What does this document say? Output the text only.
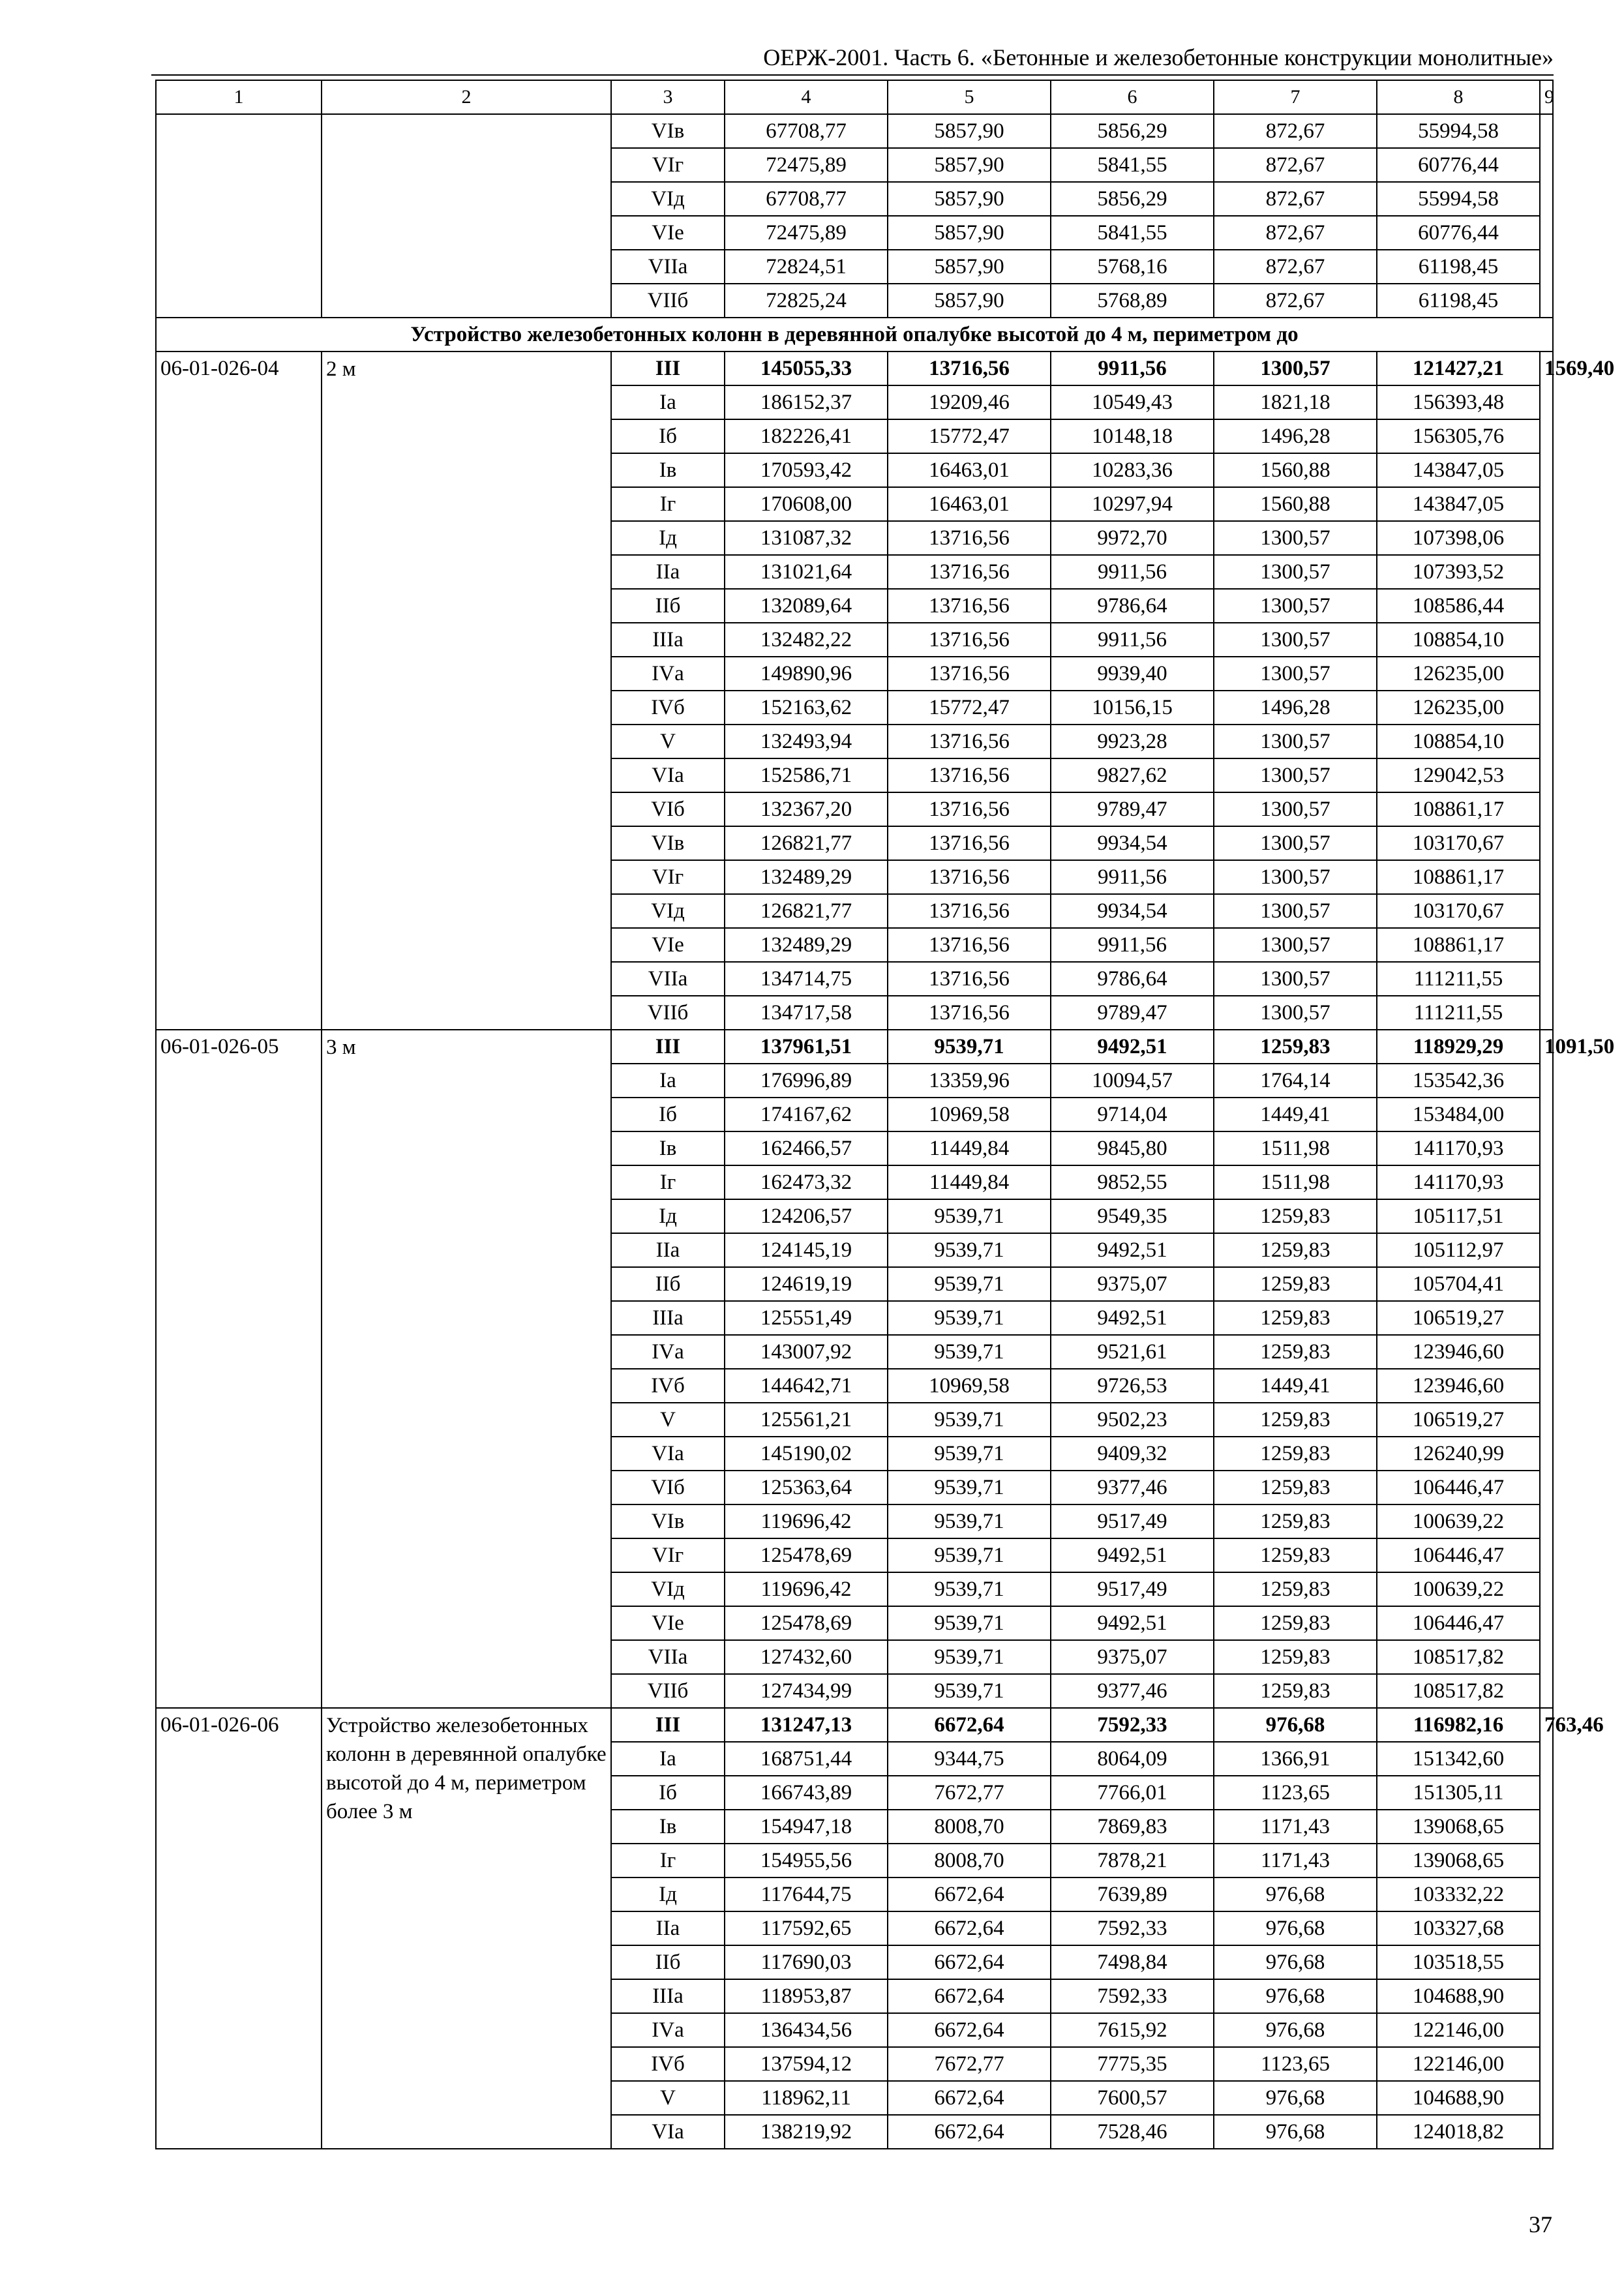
ОЕРЖ-2001. Часть 6. «Бетонные и железобетонные конструкции монолитные»
1	2	3	4	5	6	7	8	9
		VIв	67708,77	5857,90	5856,29	872,67	55994,58	
		VIг	72475,89	5857,90	5841,55	872,67	60776,44	
		VIд	67708,77	5857,90	5856,29	872,67	55994,58	
		VIе	72475,89	5857,90	5841,55	872,67	60776,44	
		VIIа	72824,51	5857,90	5768,16	872,67	61198,45	
		VIIб	72825,24	5857,90	5768,89	872,67	61198,45	
Устройство железобетонных колонн в деревянной опалубке высотой до 4 м, периметром до								
06-01-026-04	2 м	III	145055,33	13716,56	9911,56	1300,57	121427,21	1569,40
		Iа	186152,37	19209,46	10549,43	1821,18	156393,48	
		Iб	182226,41	15772,47	10148,18	1496,28	156305,76	
		Iв	170593,42	16463,01	10283,36	1560,88	143847,05	
		Iг	170608,00	16463,01	10297,94	1560,88	143847,05	
		Iд	131087,32	13716,56	9972,70	1300,57	107398,06	
		IIа	131021,64	13716,56	9911,56	1300,57	107393,52	
		IIб	132089,64	13716,56	9786,64	1300,57	108586,44	
		IIIа	132482,22	13716,56	9911,56	1300,57	108854,10	
		IVа	149890,96	13716,56	9939,40	1300,57	126235,00	
		IVб	152163,62	15772,47	10156,15	1496,28	126235,00	
		V	132493,94	13716,56	9923,28	1300,57	108854,10	
		VIа	152586,71	13716,56	9827,62	1300,57	129042,53	
		VIб	132367,20	13716,56	9789,47	1300,57	108861,17	
		VIв	126821,77	13716,56	9934,54	1300,57	103170,67	
		VIг	132489,29	13716,56	9911,56	1300,57	108861,17	
		VIд	126821,77	13716,56	9934,54	1300,57	103170,67	
		VIе	132489,29	13716,56	9911,56	1300,57	108861,17	
		VIIа	134714,75	13716,56	9786,64	1300,57	111211,55	
		VIIб	134717,58	13716,56	9789,47	1300,57	111211,55	
06-01-026-05	3 м	III	137961,51	9539,71	9492,51	1259,83	118929,29	1091,50
		Iа	176996,89	13359,96	10094,57	1764,14	153542,36	
		Iб	174167,62	10969,58	9714,04	1449,41	153484,00	
		Iв	162466,57	11449,84	9845,80	1511,98	141170,93	
		Iг	162473,32	11449,84	9852,55	1511,98	141170,93	
		Iд	124206,57	9539,71	9549,35	1259,83	105117,51	
		IIа	124145,19	9539,71	9492,51	1259,83	105112,97	
		IIб	124619,19	9539,71	9375,07	1259,83	105704,41	
		IIIа	125551,49	9539,71	9492,51	1259,83	106519,27	
		IVа	143007,92	9539,71	9521,61	1259,83	123946,60	
		IVб	144642,71	10969,58	9726,53	1449,41	123946,60	
		V	125561,21	9539,71	9502,23	1259,83	106519,27	
		VIа	145190,02	9539,71	9409,32	1259,83	126240,99	
		VIб	125363,64	9539,71	9377,46	1259,83	106446,47	
		VIв	119696,42	9539,71	9517,49	1259,83	100639,22	
		VIг	125478,69	9539,71	9492,51	1259,83	106446,47	
		VIд	119696,42	9539,71	9517,49	1259,83	100639,22	
		VIе	125478,69	9539,71	9492,51	1259,83	106446,47	
		VIIа	127432,60	9539,71	9375,07	1259,83	108517,82	
		VIIб	127434,99	9539,71	9377,46	1259,83	108517,82	
06-01-026-06	Устройство железобетонных колонн в деревянной опалубке высотой до 4 м, периметром более 3 м	III	131247,13	6672,64	7592,33	976,68	116982,16	763,46
		Iа	168751,44	9344,75	8064,09	1366,91	151342,60	
		Iб	166743,89	7672,77	7766,01	1123,65	151305,11	
		Iв	154947,18	8008,70	7869,83	1171,43	139068,65	
		Iг	154955,56	8008,70	7878,21	1171,43	139068,65	
		Iд	117644,75	6672,64	7639,89	976,68	103332,22	
		IIа	117592,65	6672,64	7592,33	976,68	103327,68	
		IIб	117690,03	6672,64	7498,84	976,68	103518,55	
		IIIа	118953,87	6672,64	7592,33	976,68	104688,90	
		IVа	136434,56	6672,64	7615,92	976,68	122146,00	
		IVб	137594,12	7672,77	7775,35	1123,65	122146,00	
		V	118962,11	6672,64	7600,57	976,68	104688,90	
		VIа	138219,92	6672,64	7528,46	976,68	124018,82	
37
